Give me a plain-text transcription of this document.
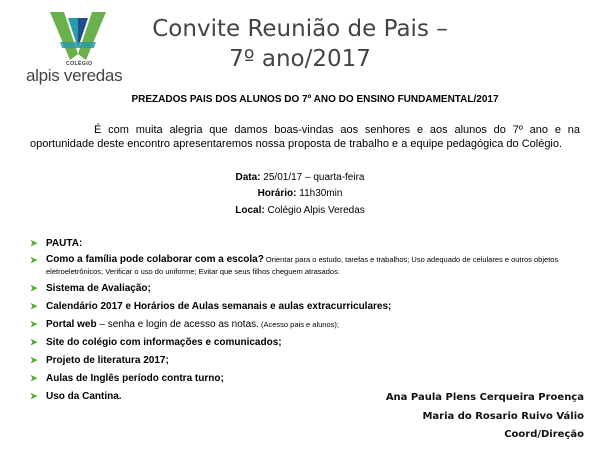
COLÉGIO
alpis veredas
Convite Reunião de Pais –
7º ano/2017
PREZADOS PAIS DOS ALUNOS DO 7º ANO DO ENSINO FUNDAMENTAL/2017
É com muita alegria que damos boas-vindas aos senhores e aos alunos do 7º ano e na oportunidade deste encontro apresentaremos nossa proposta de trabalho e a equipe pedagógica do Colégio.
Data: 25/01/17 – quarta-feira
Horário: 11h30min
Local: Colégio Alpis Veredas
➤ PAUTA:
➤ Como a família pode colaborar com a escola? Orientar para o estudo, tarefas e trabalhos; Uso adequado de celulares e outros objetos eletroeletrônicos; Verificar o uso do uniforme; Evitar que seus filhos cheguem atrasados.
➤ Sistema de Avaliação;
➤ Calendário 2017 e Horários de Aulas semanais e aulas extracurriculares;
➤ Portal web – senha e login de acesso as notas. (Acesso pais e alunos);
➤ Site do colégio com informações e comunicados;
➤ Projeto de literatura 2017;
➤ Aulas de Inglês período contra turno;
➤ Uso da Cantina.	Ana Paula Plens Cerqueira Proença
Maria do Rosario Ruivo Válio
Coord/Direção
